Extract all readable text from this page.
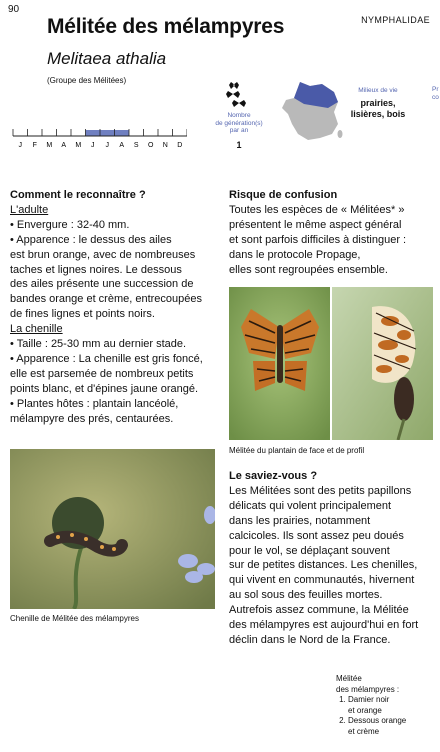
90
Mélitée des mélampyres	NYMPHALIDAE
Melitaea athalia
(Groupe des Mélitées)
Nombre
de génération(s)
par an
1
Milieux de vie
prairies,
lisières, bois
Pr
co
J F M A M J J A S O N D
Comment le reconnaître ?
L'adulte
• Envergure : 32-40 mm.
• Apparence : le dessus des ailes
est brun orange, avec de nombreuses
taches et lignes noires. Le dessous
des ailes présente une succession de
bandes orange et crème, entrecoupées
de fines lignes et points noirs.
La chenille
• Taille : 25-30 mm au dernier stade.
• Apparence : La chenille est gris foncé,
elle est parsemée de nombreux petits
points blanc, et d'épines jaune orangé.
• Plantes hôtes : plantain lancéolé,
mélampyre des prés, centaurées.
Risque de confusion
Toutes les espèces de « Mélitées* »
présentent le même aspect général
et sont parfois difficiles à distinguer :
dans le protocole Propage,
elles sont regroupées ensemble.
Mélitée du plantain de face et de profil
Le saviez-vous ?
Les Mélitées sont des petits papillons
délicats qui volent principalement
dans les prairies, notamment
calcicoles. Ils sont assez peu doués
pour le vol, se déplaçant souvent
sur de petites distances. Les chenilles,
qui vivent en communautés, hivernent
au sol sous des feuilles mortes.
Autrefois assez commune, la Mélitée
des mélampyres est aujourd'hui en fort
déclin dans le Nord de la France.
Chenille de Mélitée des mélampyres
Mélitée
des mélampyres :
1. Damier noir
et orange
2. Dessous orange
et crème
